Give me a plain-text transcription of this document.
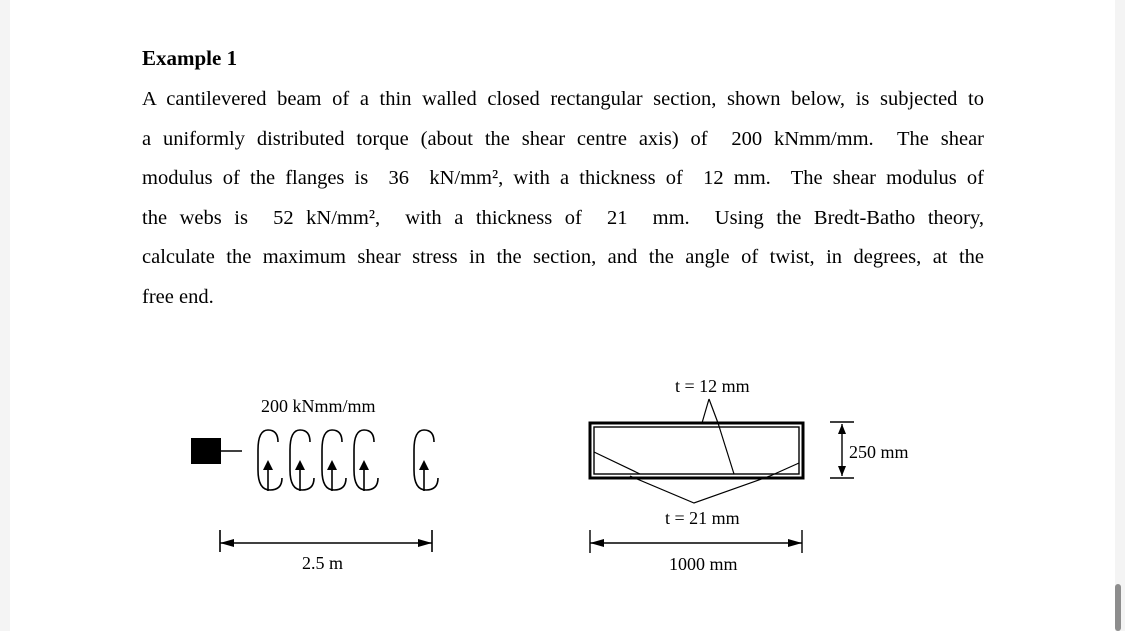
Example 1
A cantilevered beam of a thin walled closed rectangular section, shown below, is subjected to
a uniformly distributed torque (about the shear centre axis) of  200 kNmm/mm.  The shear
modulus of the flanges is  36  kN/mm², with a thickness of  12 mm.  The shear modulus of
the webs is  52 kN/mm²,  with a thickness of  21  mm.  Using the Bredt-Batho theory,
calculate the maximum shear stress in the section, and the angle of twist, in degrees, at the
free end.
200 kNmm/mm
2.5 m
t = 12 mm
t = 21 mm
250 mm
1000 mm
